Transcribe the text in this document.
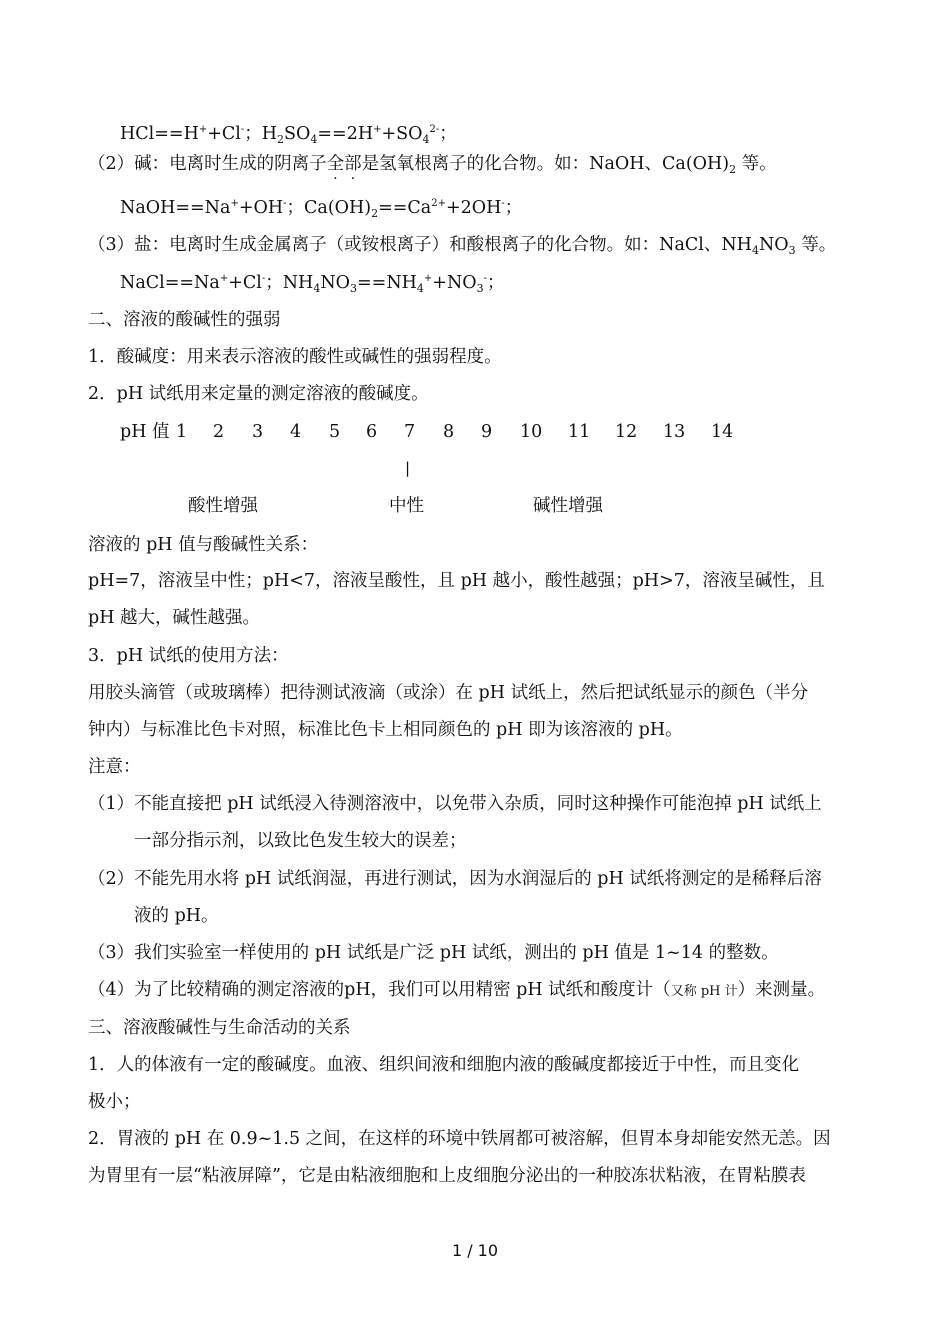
HCl==H++Cl-；$H_2SO_4==2H^++SO_4^{2-}$；
（2）碱：电离时生成的阴离子全部是氢氧根离子的化合物。如：NaOH、$Ca(OH)_2$ 等。
NaOH==Na++OH-；$Ca(OH)_2==Ca^{2+}+2OH^-$；
（3）盐：电离时生成金属离子（或铵根离子）和酸根离子的化合物。如：NaCl、$NH_4NO_3$ 等。
NaCl==Na++Cl-；$NH_4NO_3==NH_4^++NO_3^-$；
二、溶液的酸碱性的强弱
1．酸碱度：用来表示溶液的酸性或碱性的强弱程度。
2．pH 试纸用来定量的测定溶液的酸碱度。
pH 值 1 2 3 4 5 6 7 8 9 10 11 12 13 14
|
酸性增强	中性	碱性增强
溶液的 pH 值与酸碱性关系：
pH=7，溶液呈中性；pH<7，溶液呈酸性，且 pH 越小，酸性越强；pH>7，溶液呈碱性，且
pH 越大，碱性越强。
3．pH 试纸的使用方法：
用胶头滴管（或玻璃棒）把待测试液滴（或涂）在 pH 试纸上，然后把试纸显示的颜色（半分
钟内）与标准比色卡对照，标准比色卡上相同颜色的 pH 即为该溶液的 pH。
注意：
（1）不能直接把 pH 试纸浸入待测溶液中，以免带入杂质，同时这种操作可能泡掉 pH 试纸上
一部分指示剂，以致比色发生较大的误差；
（2）不能先用水将 pH 试纸润湿，再进行测试，因为水润湿后的 pH 试纸将测定的是稀释后溶
液的 pH。
（3）我们实验室一样使用的 pH 试纸是广泛 pH 试纸，测出的 pH 值是 1~14 的整数。
（4）为了比较精确的测定溶液的pH，我们可以用精密 pH 试纸和酸度计（又称 pH 计）来测量。
三、溶液酸碱性与生命活动的关系
1．人的体液有一定的酸碱度。血液、组织间液和细胞内液的酸碱度都接近于中性，而且变化
极小；
2．胃液的 pH 在 0.9~1.5 之间，在这样的环境中铁屑都可被溶解，但胃本身却能安然无恙。因
为胃里有一层“粘液屏障”，它是由粘液细胞和上皮细胞分泌出的一种胶冻状粘液，在胃粘膜表
1 / 10
